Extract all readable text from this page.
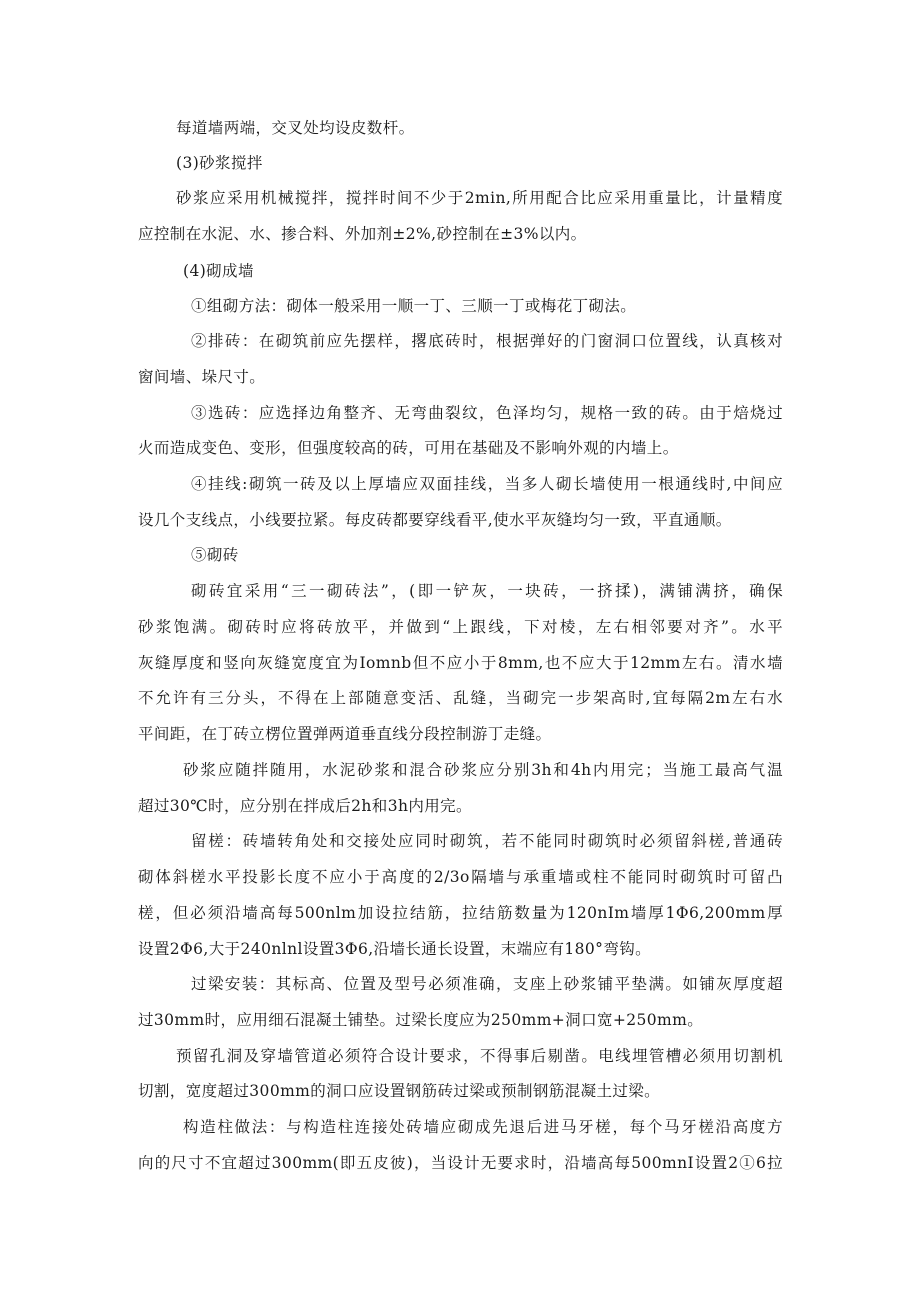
每道墙两端，交叉处均设皮数杆。

(3)砂浆搅拌

砂浆应采用机械搅拌，搅拌时间不少于2min,所用配合比应采用重量比，计量精度

应控制在水泥、水、掺合料、外加剂±2%,砂控制在±3%以内。

(4)砌成墙

①组砌方法：砌体一般采用一顺一丁、三顺一丁或梅花丁砌法。

②排砖：在砌筑前应先摆样，撂底砖时，根据弹好的门窗洞口位置线，认真核对

窗间墙、垛尺寸。

③选砖：应选择边角整齐、无弯曲裂纹，色泽均匀，规格一致的砖。由于焙烧过

火而造成变色、变形，但强度较高的砖，可用在基础及不影响外观的内墙上。

④挂线:砌筑一砖及以上厚墙应双面挂线，当多人砌长墙使用一根通线时,中间应

设几个支线点，小线要拉紧。每皮砖都要穿线看平,使水平灰缝均匀一致，平直通顺。

⑤砌砖

砌砖宜采用“三一砌砖法”，(即一铲灰，一块砖，一挤揉)，满铺满挤，确保

砂浆饱满。砌砖时应将砖放平，并做到“上跟线，下对棱，左右相邻要对齐”。水平

灰缝厚度和竖向灰缝宽度宜为Iomnb但不应小于8mm,也不应大于12mm左右。清水墙

不允许有三分头，不得在上部随意变活、乱缝，当砌完一步架高时,宜每隔2m左右水

平间距，在丁砖立楞位置弹两道垂直线分段控制游丁走缝。

砂浆应随拌随用，水泥砂浆和混合砂浆应分别3h和4h内用完；当施工最高气温

超过30℃时，应分别在拌成后2h和3h内用完。

留槎：砖墙转角处和交接处应同时砌筑，若不能同时砌筑时必须留斜槎,普通砖

砌体斜槎水平投影长度不应小于高度的2/3o隔墙与承重墙或柱不能同时砌筑时可留凸

槎，但必须沿墙高每500nlm加设拉结筋，拉结筋数量为120nIm墙厚1Φ6,200mm厚

设置2Φ6,大于240nlnl设置3Φ6,沿墙长通长设置，末端应有180°弯钩。

过梁安装：其标高、位置及型号必须准确，支座上砂浆铺平垫满。如铺灰厚度超

过30mm时，应用细石混凝土铺垫。过梁长度应为250mm+洞口宽+250mm。

预留孔洞及穿墙管道必须符合设计要求，不得事后剔凿。电线埋管槽必须用切割机

切割，宽度超过300mm的洞口应设置钢筋砖过梁或预制钢筋混凝土过梁。

构造柱做法：与构造柱连接处砖墙应砌成先退后进马牙槎，每个马牙槎沿高度方

向的尺寸不宜超过300mm(即五皮彼)，当设计无要求时，沿墙高每500mnI设置2①6拉
